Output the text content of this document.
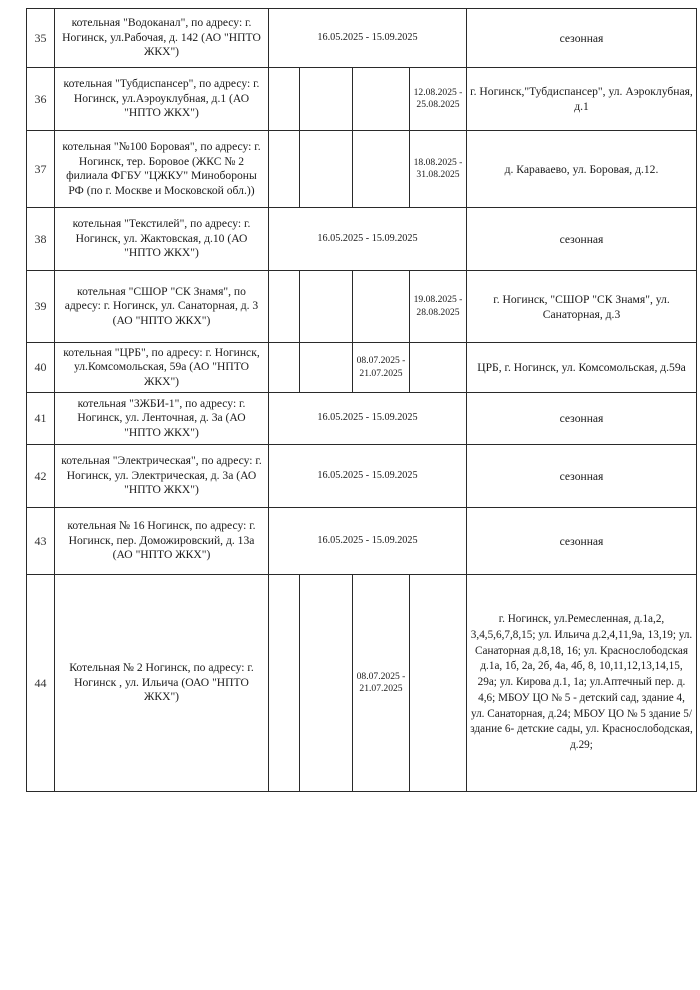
35	котельная "Водоканал", по адресу: г. Ногинск, ул.Рабочая, д. 142 (АО "НПТО ЖКХ")	16.05.2025 - 15.09.2025				сезонная
36	котельная "Тубдиспансер", по адресу: г. Ногинск, ул.Аэроуклубная, д.1 (АО "НПТО ЖКХ")				12.08.2025 - 25.08.2025	г. Ногинск,"Тубдиспансер", ул. Аэроклубная, д.1
37	котельная "№100 Боровая", по адресу: г. Ногинск, тер. Боровое (ЖКС № 2 филиала ФГБУ "ЦЖКУ" Минобороны РФ (по г. Москве и Московской обл.))				18.08.2025 - 31.08.2025	д. Караваево, ул. Боровая, д.12.
38	котельная "Текстилей", по адресу: г. Ногинск, ул. Жактовская, д.10 (АО "НПТО ЖКХ")	16.05.2025 - 15.09.2025				сезонная
39	котельная "СШОР "СК Знамя", по адресу: г. Ногинск, ул. Санаторная, д. 3 (АО "НПТО ЖКХ")				19.08.2025 - 28.08.2025	г. Ногинск, "СШОР "СК Знамя", ул. Санаторная, д.3
40	котельная "ЦРБ", по адресу: г. Ногинск, ул.Комсомольская, 59а (АО "НПТО ЖКХ")			08.07.2025 - 21.07.2025		ЦРБ, г. Ногинск, ул. Комсомольская, д.59а
41	котельная "ЗЖБИ-1", по адресу: г. Ногинск, ул. Ленточная, д. 3а (АО "НПТО ЖКХ")	16.05.2025 - 15.09.2025				сезонная
42	котельная "Электрическая", по адресу: г. Ногинск, ул. Электрическая, д. 3а (АО "НПТО ЖКХ")	16.05.2025 - 15.09.2025				сезонная
43	котельная № 16 Ногинск, по адресу: г. Ногинск, пер. Доможировский, д. 13а (АО "НПТО ЖКХ")	16.05.2025 - 15.09.2025				сезонная
44	Котельная № 2 Ногинск, по адресу: г. Ногинск , ул. Ильича (ОАО "НПТО ЖКХ")			08.07.2025 - 21.07.2025		г. Ногинск, ул.Ремесленная, д.1а,2, 3,4,5,6,7,8,15; ул. Ильича д.2,4,11,9а, 13,19; ул. Санаторная д.8,18, 16; ул. Краснослободская д.1а, 1б, 2а, 2б, 4а, 4б, 8, 10,11,12,13,14,15, 29а; ул. Кирова д.1, 1а; ул.Аптечный пер. д. 4,6; МБОУ ЦО № 5 - детский сад, здание 4, ул. Санаторная, д.24; МБОУ ЦО № 5 здание 5/здание 6- детские сады, ул. Краснослободская, д.29;
